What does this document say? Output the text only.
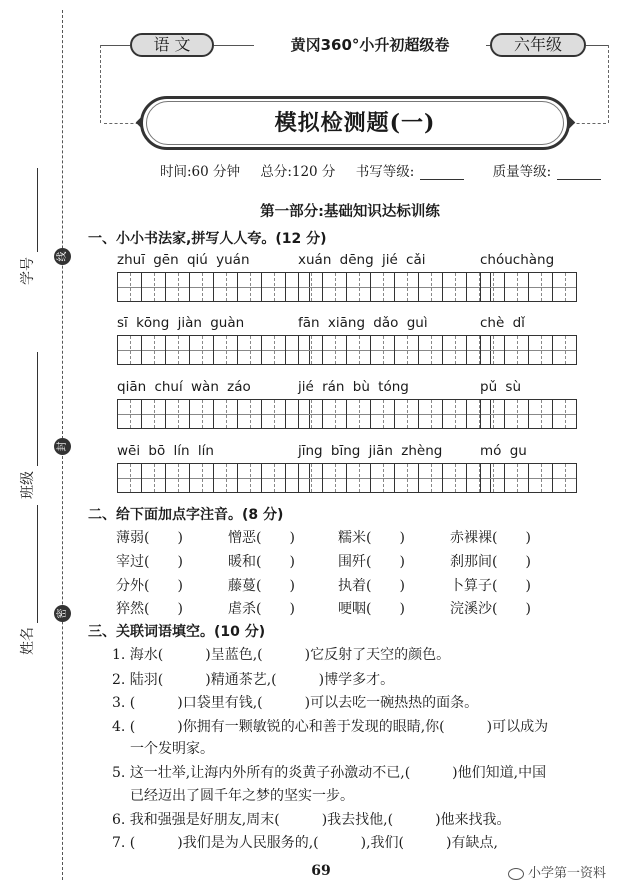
学号
班级
姓名
线
封
密
语 文	黄冈360°小升初超级卷	六年级
模拟检测题(一)
时间:60 分钟 总分:120 分 书写等级:	质量等级:
第一部分:基础知识达标训练
一、小小书法家,拼写人人夸。(12 分)
zhuī gēn qiú yuán	xuán dēng jié cǎi	chóuchàng
sī kōng jiàn guàn	fān xiāng dǎo guì	chè dǐ
qiān chuí wàn záo	jié rán bù tóng	pǔ sù
wēi bō lín lín	jīng bīng jiān zhèng	mó gu
二、给下面加点字注音。(8 分)
薄弱(　　)	憎恶(　　)	糯米(　　)	赤裸裸(　　)
宰过(　　)	暖和(　　)	围歼(　　)	刹那间(　　)
分外(　　)	藤蔓(　　)	执着(　　)	卜算子(　　)
猝然(　　)	虐杀(　　)	哽咽(　　)	浣溪沙(　　)
三、关联词语填空。(10 分)
1. 海水(　　　)呈蓝色,(　　　)它反射了天空的颜色。
2. 陆羽(　　　)精通茶艺,(　　　)博学多才。
3. (　　　)口袋里有钱,(　　　)可以去吃一碗热热的面条。
4. (　　　)你拥有一颗敏锐的心和善于发现的眼睛,你(　　　)可以成为
一个发明家。
5. 这一壮举,让海内外所有的炎黄子孙激动不已,(　　　)他们知道,中国
已经迈出了圆千年之梦的坚实一步。
6. 我和强强是好朋友,周末(　　　)我去找他,(　　　)他来找我。
7. (　　　)我们是为人民服务的,(　　　),我们(　　　)有缺点,
69	小学第一资料
